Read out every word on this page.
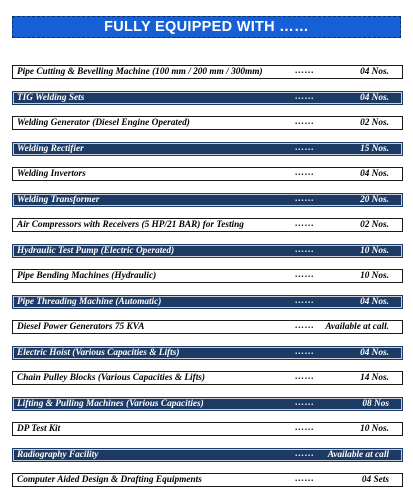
FULLY EQUIPPED WITH ……
Pipe Cutting & Bevelling Machine (100 mm / 200 mm / 300mm)	……	04 Nos.
TIG Welding Sets	……	04 Nos.
Welding Generator (Diesel Engine Operated)	……	02 Nos.
Welding Rectifier	……	15 Nos.
Welding Invertors	……	04 Nos.
Welding Transformer	……	20 Nos.
Air Compressors with Receivers (5 HP/21 BAR) for Testing	……	02 Nos.
Hydraulic Test Pump (Electric Operated)	……	10 Nos.
Pipe Bending Machines (Hydraulic)	……	10 Nos.
Pipe Threading Machine (Automatic)	……	04 Nos.
Diesel Power Generators 75 KVA	…… Available at call.
Electric Hoist (Various Capacities & Lifts)	……	04 Nos.
Chain Pulley Blocks (Various Capacities & Lifts)	……	14 Nos.
Lifting & Pulling Machines (Various Capacities)	……	08 Nos
DP Test Kit	……	10 Nos.
Radiography Facility	…… Available at call
Computer Aided Design & Drafting Equipments	……	04 Sets
